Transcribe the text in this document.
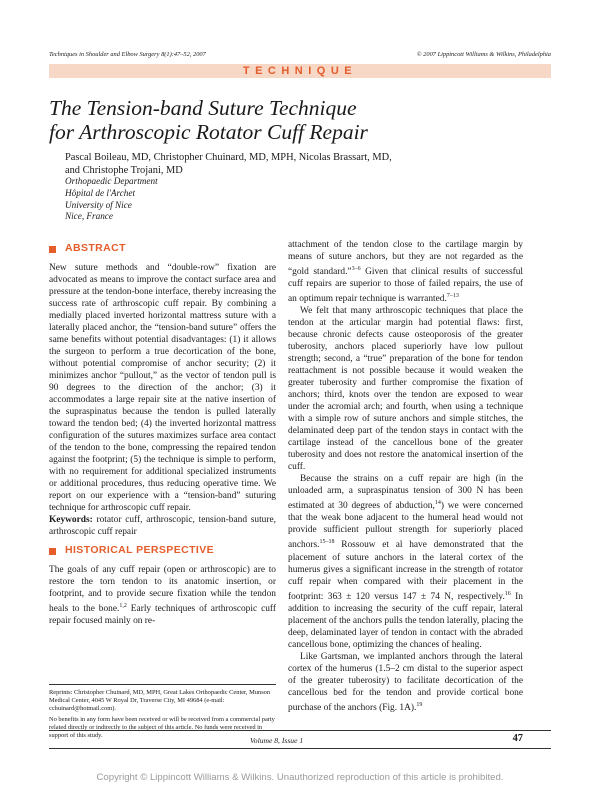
Techniques in Shoulder and Elbow Surgery 8(1):47–52, 2007	© 2007 Lippincott Williams & Wilkins, Philadelphia
TECHNIQUE
The Tension-band Suture Technique
for Arthroscopic Rotator Cuff Repair
Pascal Boileau, MD, Christopher Chuinard, MD, MPH, Nicolas Brassart, MD,
and Christophe Trojani, MD
Orthopaedic Department
Hôpital de l'Archet
University of Nice
Nice, France
ABSTRACT

New suture methods and “double-row” fixation are advocated as means to improve the contact surface area and pressure at the tendon-bone interface, thereby increasing the success rate of arthroscopic cuff repair. By combining a medially placed inverted horizontal mattress suture with a laterally placed anchor, the “tension-band suture” offers the same benefits without potential disadvantages: (1) it allows the surgeon to perform a true decortication of the bone, without potential compromise of anchor security; (2) it minimizes anchor “pullout,” as the vector of tendon pull is 90 degrees to the direction of the anchor; (3) it accommodates a large repair site at the native insertion of the supraspinatus because the tendon is pulled laterally toward the tendon bed; (4) the inverted horizontal mattress configuration of the sutures maximizes surface area contact of the tendon to the bone, compressing the repaired tendon against the footprint; (5) the technique is simple to perform, with no requirement for additional specialized instruments or additional procedures, thus reducing operative time. We report on our experience with a “tension-band” suturing technique for arthroscopic cuff repair.

Keywords: rotator cuff, arthroscopic, tension-band suture, arthroscopic cuff repair

HISTORICAL PERSPECTIVE

The goals of any cuff repair (open or arthroscopic) are to restore the torn tendon to its anatomic insertion, or footprint, and to provide secure fixation while the tendon heals to the bone.$^{1,2}$ Early techniques of arthroscopic cuff repair focused mainly on re-

Reprints: Christopher Chuinard, MD, MPH, Great Lakes Orthopaedic Center, Munson Medical Center, 4045 W Royal Dr, Traverse City, MI 49684 (e-mail: cchuinard@hotmail.com).

No benefits in any form have been received or will be received from a commercial party related directly or indirectly to the subject of this article. No funds were received in support of this study.

attachment of the tendon close to the cartilage margin by means of suture anchors, but they are not regarded as the “gold standard.”$^{3-6}$ Given that clinical results of successful cuff repairs are superior to those of failed repairs, the use of an optimum repair technique is warranted.$^{7-13}$

We felt that many arthroscopic techniques that place the tendon at the articular margin had potential flaws: first, because chronic defects cause osteoporosis of the greater tuberosity, anchors placed superiorly have low pullout strength; second, a “true” preparation of the bone for tendon reattachment is not possible because it would weaken the greater tuberosity and further compromise the fixation of anchors; third, knots over the tendon are exposed to wear under the acromial arch; and fourth, when using a technique with a simple row of suture anchors and simple stitches, the delaminated deep part of the tendon stays in contact with the cartilage instead of the cancellous bone of the greater tuberosity and does not restore the anatomical insertion of the cuff.

Because the strains on a cuff repair are high (in the unloaded arm, a supraspinatus tension of 300 N has been estimated at 30 degrees of abduction,$^{14}$) we were concerned that the weak bone adjacent to the humeral head would not provide sufficient pullout strength for superiorly placed anchors.$^{15-18}$ Rossouw et al have demonstrated that the placement of suture anchors in the lateral cortex of the humerus gives a significant increase in the strength of rotator cuff repair when compared with their placement in the footprint: 363 ± 120 versus 147 ± 74 N, respectively.$^{16}$ In addition to increasing the security of the cuff repair, lateral placement of the anchors pulls the tendon laterally, placing the deep, delaminated layer of tendon in contact with the abraded cancellous bone, optimizing the chances of healing.

Like Gartsman, we implanted anchors through the lateral cortex of the humerus (1.5–2 cm distal to the superior aspect of the greater tuberosity) to facilitate decortication of the cancellous bed for the tendon and provide cortical bone purchase of the anchors (Fig. 1A).$^{19}$

Volume 8, Issue 1	47
Copyright © Lippincott Williams & Wilkins. Unauthorized reproduction of this article is prohibited.
